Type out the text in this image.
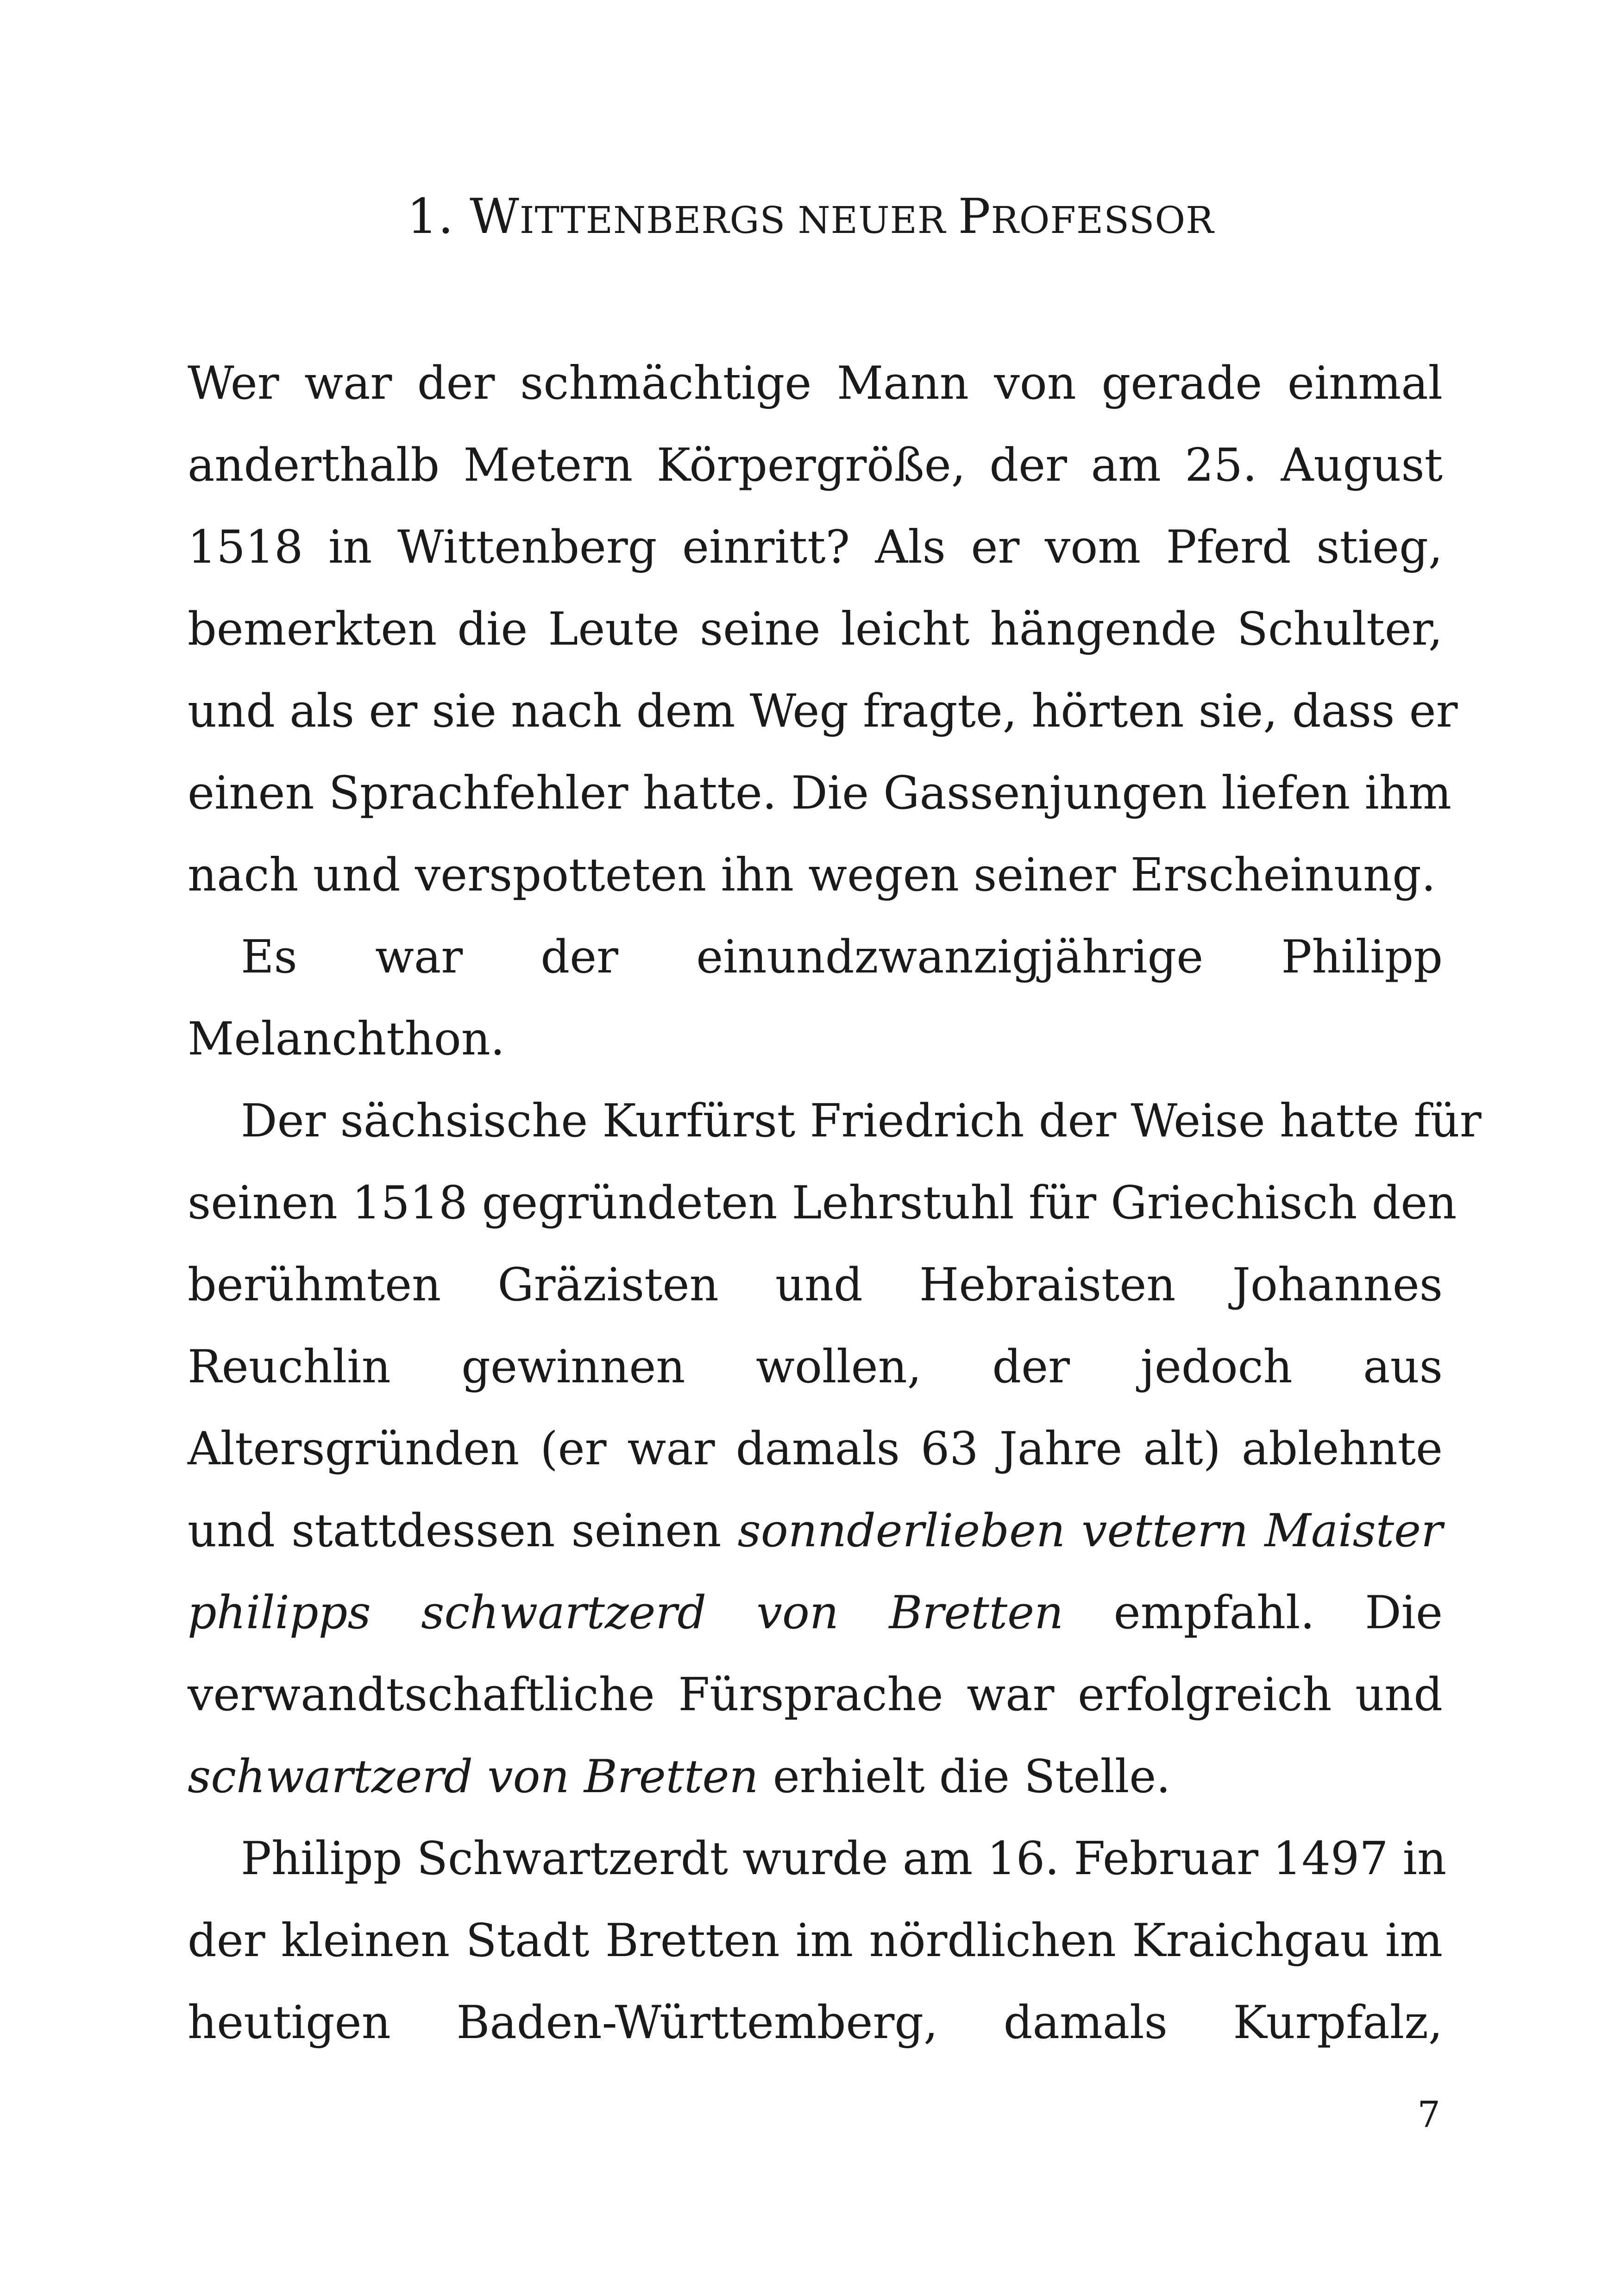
1. WITTENBERGS NEUER PROFESSOR
Wer war der schmächtige Mann von gerade einmal
anderthalb Metern Körpergröße, der am 25. August
1518 in Wittenberg einritt? Als er vom Pferd stieg,
bemerkten die Leute seine leicht hängende Schulter,
und als er sie nach dem Weg fragte, hörten sie, dass er
einen Sprachfehler hatte. Die Gassenjungen liefen ihm
nach und verspotteten ihn wegen seiner Erscheinung.
Es war der einundzwanzigjährige Philipp
Melanchthon.
Der sächsische Kurfürst Friedrich der Weise hatte für
seinen 1518 gegründeten Lehrstuhl für Griechisch den
berühmten Gräzisten und Hebraisten Johannes
Reuchlin gewinnen wollen, der jedoch aus
Altersgründen (er war damals 63 Jahre alt) ablehnte
und stattdessen seinen sonnderlieben vettern Maister
philipps schwartzerd von Bretten empfahl. Die
verwandtschaftliche Fürsprache war erfolgreich und
schwartzerd von Bretten erhielt die Stelle.
Philipp Schwartzerdt wurde am 16. Februar 1497 in
der kleinen Stadt Bretten im nördlichen Kraichgau im
heutigen Baden-Württemberg, damals Kurpfalz,
7
